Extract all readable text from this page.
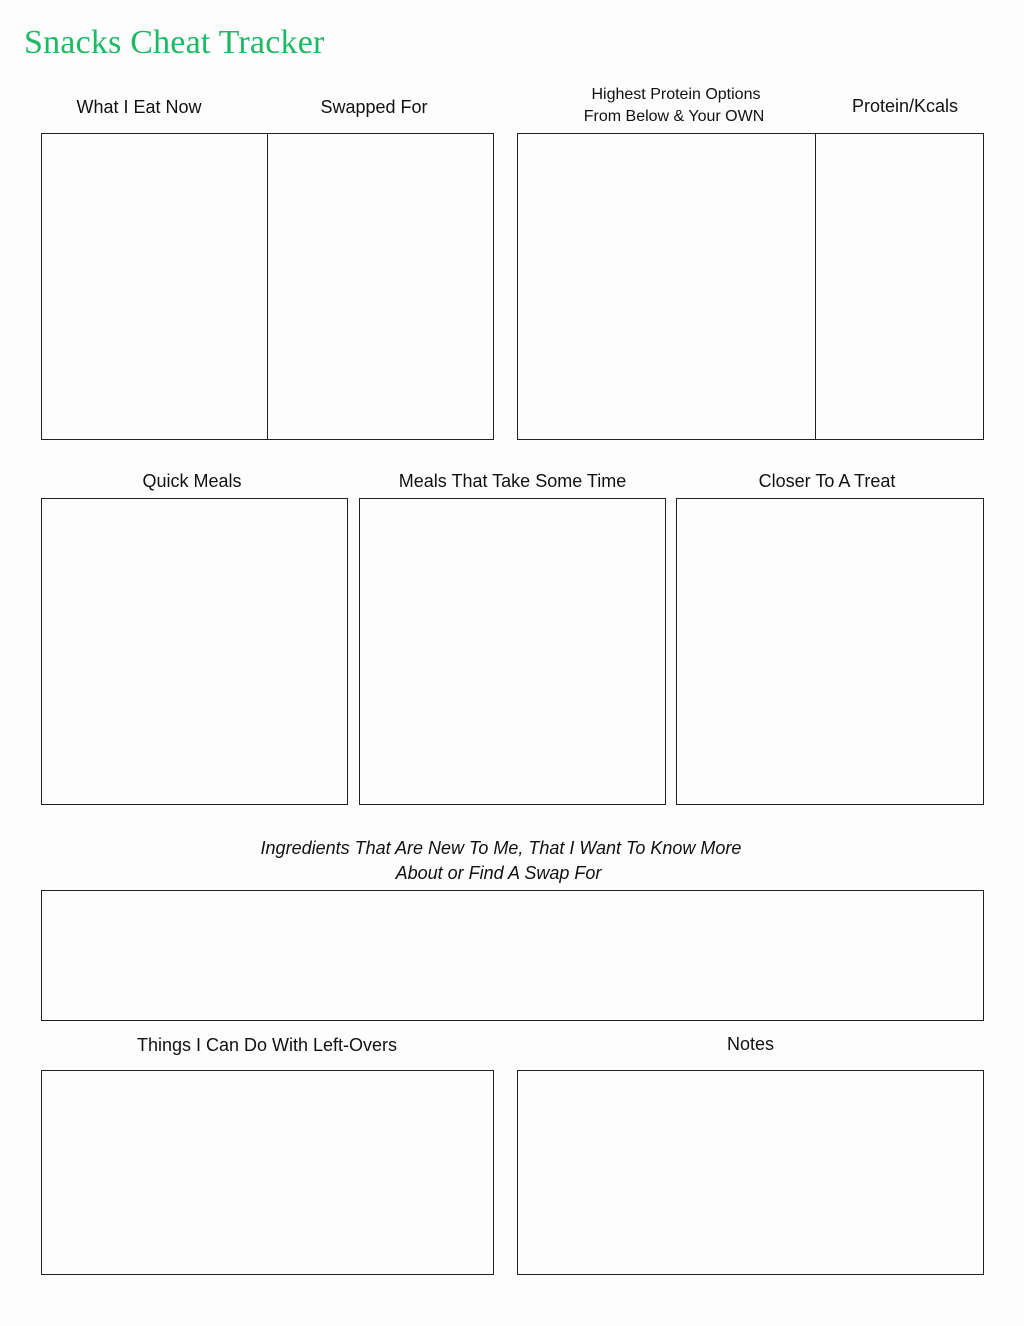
Snacks Cheat Tracker
What I Eat Now	Swapped For
Highest Protein Options
From Below & Your OWN
Protein/Kcals
Quick Meals	Meals That Take Some Time	Closer To A Treat
Ingredients That Are New To Me, That I Want To Know More
About or Find A Swap For
Things I Can Do With Left-Overs	Notes
